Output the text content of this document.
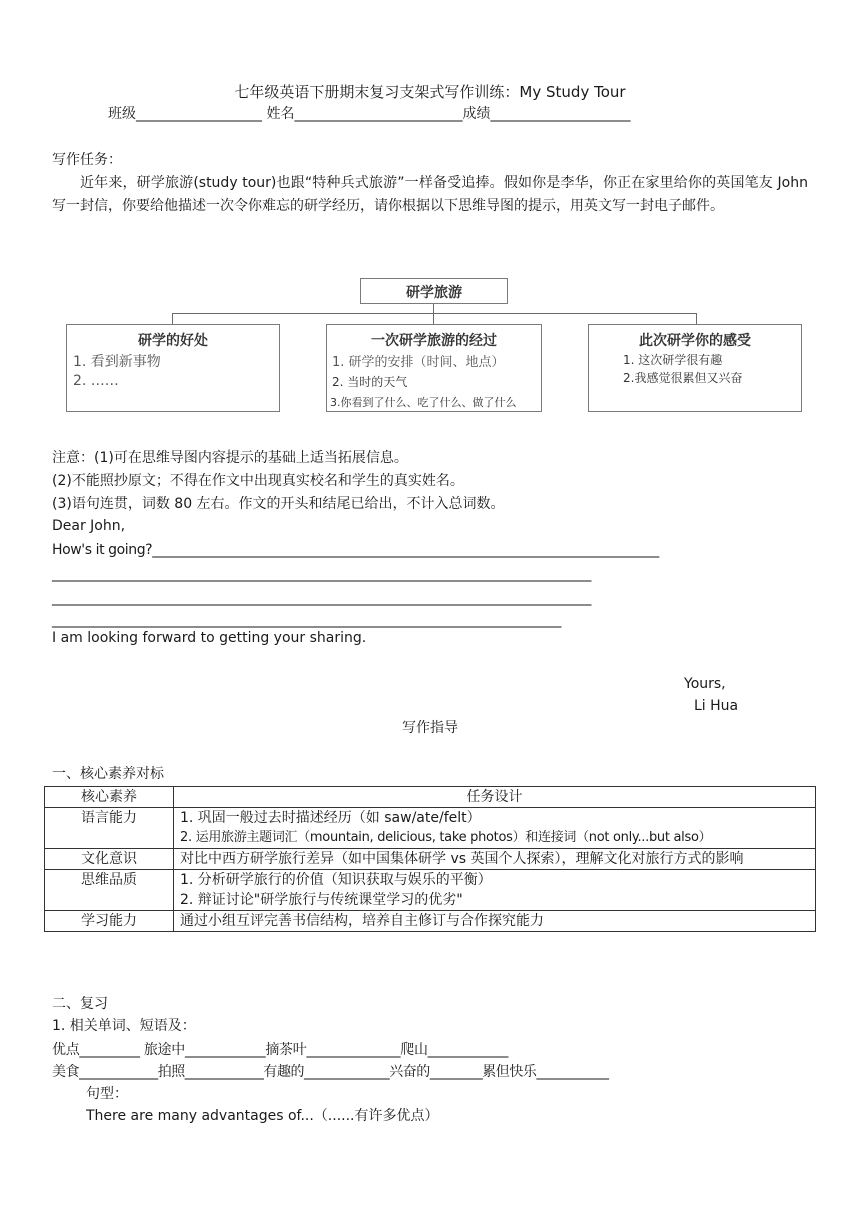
七年级英语下册期末复习支架式写作训练：My Study Tour
班级__________________ 姓名________________________成绩____________________
写作任务：
近年来，研学旅游(study tour)也跟“特种兵式旅游”一样备受追捧。假如你是李华，你正在家里给你的英国笔友 John 写一封信，你要给他描述一次令你难忘的研学经历，请你根据以下思维导图的提示，用英文写一封电子邮件。
研学旅游
研学的好处
1. 看到新事物
2. ……
一次研学旅游的经过
1. 研学的安排（时间、地点）
2. 当时的天气
3.你看到了什么、吃了什么、做了什么
此次研学你的感受
1. 这次研学很有趣
2.我感觉很累但又兴奋
注意：(1)可在思维导图内容提示的基础上适当拓展信息。
(2)不能照抄原文；不得在作文中出现真实校名和学生的真实姓名。
(3)语句连贯，词数 80 左右。作文的开头和结尾已给出，不计入总词数。
Dear John,
How's it going?_____________________________________________________________________________
_______________________________________________________________________________________
_______________________________________________________________________________________
_____________________________________________________________________________
I am looking forward to getting your sharing.
Yours,
Li Hua
写作指导
一、核心素养对标
核心素养	任务设计
语言能力	1. 巩固一般过去时描述经历（如 saw/ate/felt）
2. 运用旅游主题词汇（mountain, delicious, take photos）和连接词（not only...but also）

文化意识	对比中西方研学旅行差异（如中国集体研学 vs 英国个人探索），理解文化对旅行方式的影响

思维品质	1. 分析研学旅行的价值（知识获取与娱乐的平衡）
2. 辩证讨论"研学旅行与传统课堂学习的优劣"

学习能力	通过小组互评完善书信结构，培养自主修订与合作探究能力
二、复习
1. 相关单词、短语及：
优点_________ 旅途中____________摘茶叶______________爬山____________
美食____________拍照____________有趣的_____________兴奋的________累但快乐___________
句型：
There are many advantages of...（......有许多优点）
